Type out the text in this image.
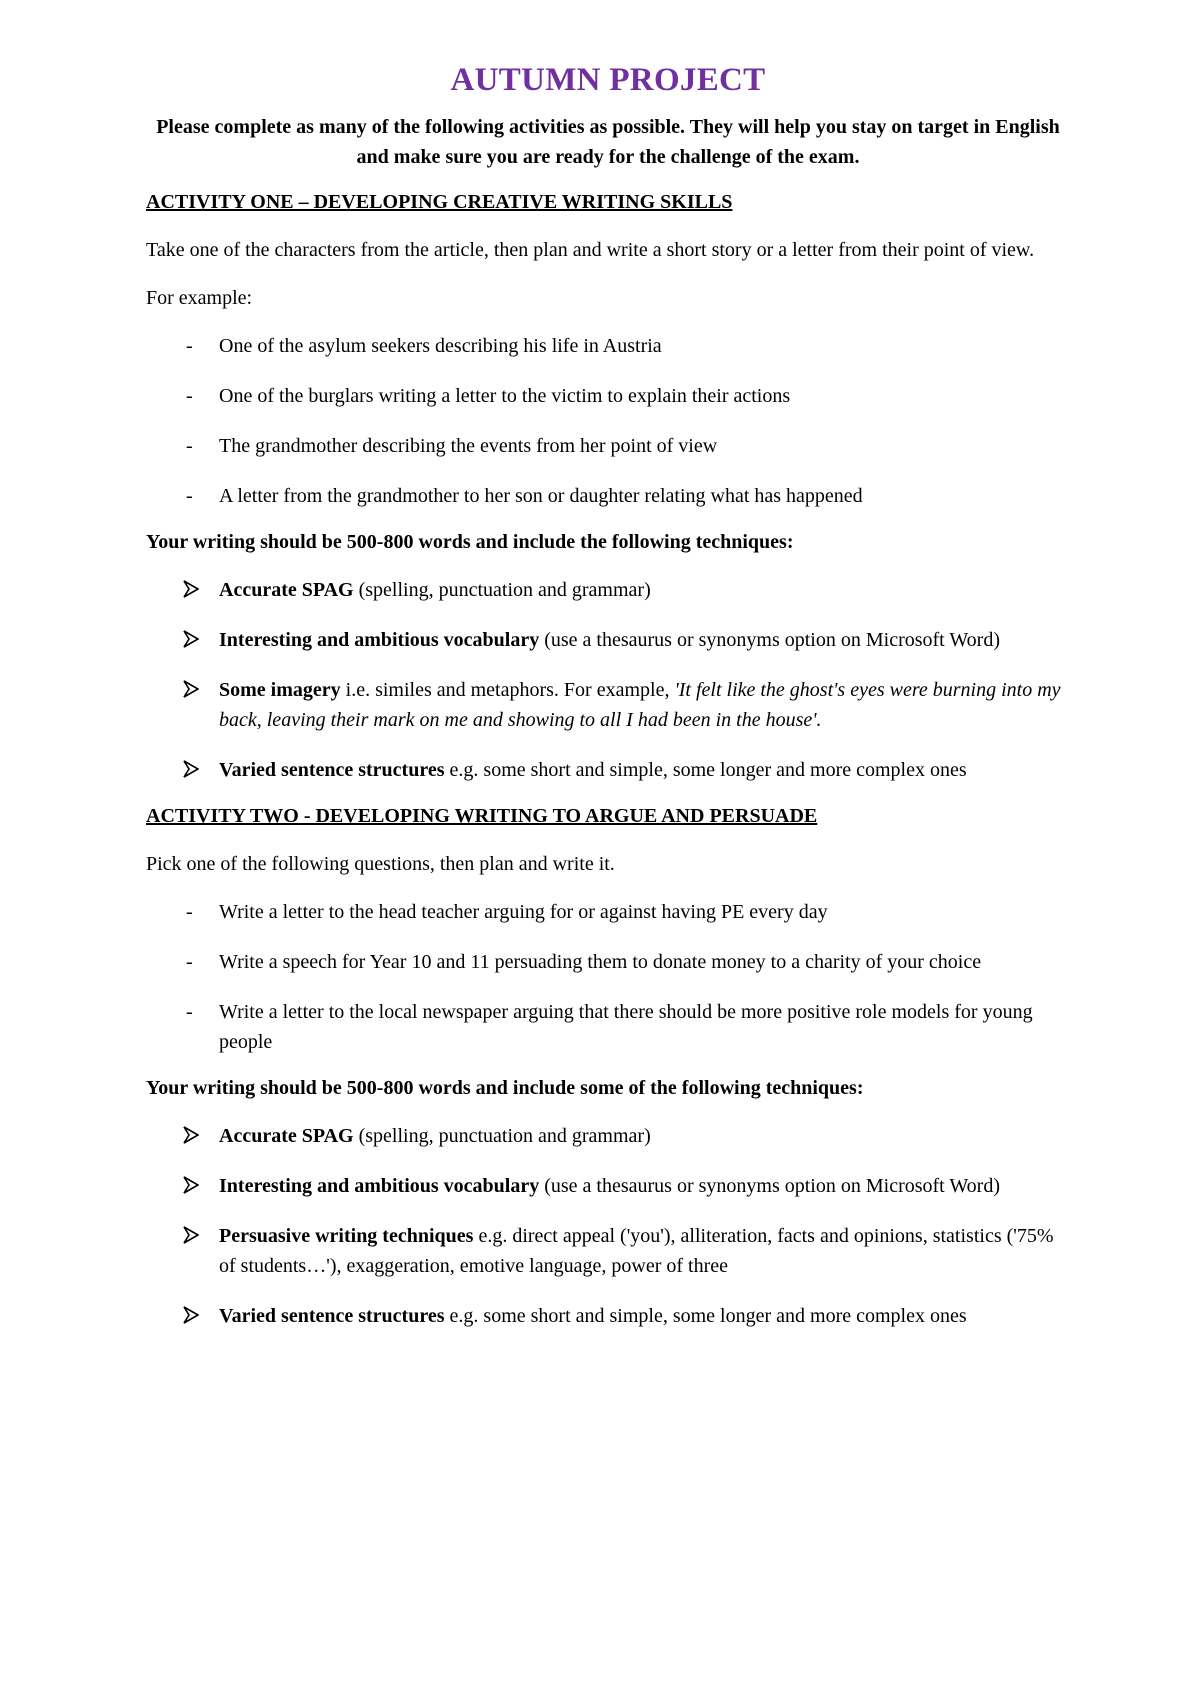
AUTUMN PROJECT
Please complete as many of the following activities as possible. They will help you stay on target in English and make sure you are ready for the challenge of the exam.
ACTIVITY ONE – DEVELOPING CREATIVE WRITING SKILLS

Take one of the characters from the article, then plan and write a short story or a letter from their point of view.

For example:

- One of the asylum seekers describing his life in Austria
- One of the burglars writing a letter to the victim to explain their actions
- The grandmother describing the events from her point of view
- A letter from the grandmother to her son or daughter relating what has happened
Your writing should be 500-800 words and include the following techniques:
Accurate SPAG (spelling, punctuation and grammar)
Interesting and ambitious vocabulary (use a thesaurus or synonyms option on Microsoft Word)
Some imagery i.e. similes and metaphors. For example, 'It felt like the ghost's eyes were burning into my back, leaving their mark on me and showing to all I had been in the house'.
Varied sentence structures e.g. some short and simple, some longer and more complex ones
ACTIVITY TWO - DEVELOPING WRITING TO ARGUE AND PERSUADE

Pick one of the following questions, then plan and write it.

- Write a letter to the head teacher arguing for or against having PE every day
- Write a speech for Year 10 and 11 persuading them to donate money to a charity of your choice
- Write a letter to the local newspaper arguing that there should be more positive role models for young people
Your writing should be 500-800 words and include some of the following techniques:
Accurate SPAG (spelling, punctuation and grammar)
Interesting and ambitious vocabulary (use a thesaurus or synonyms option on Microsoft Word)
Persuasive writing techniques e.g. direct appeal ('you'), alliteration, facts and opinions, statistics ('75% of students…'), exaggeration, emotive language, power of three
Varied sentence structures e.g. some short and simple, some longer and more complex ones
